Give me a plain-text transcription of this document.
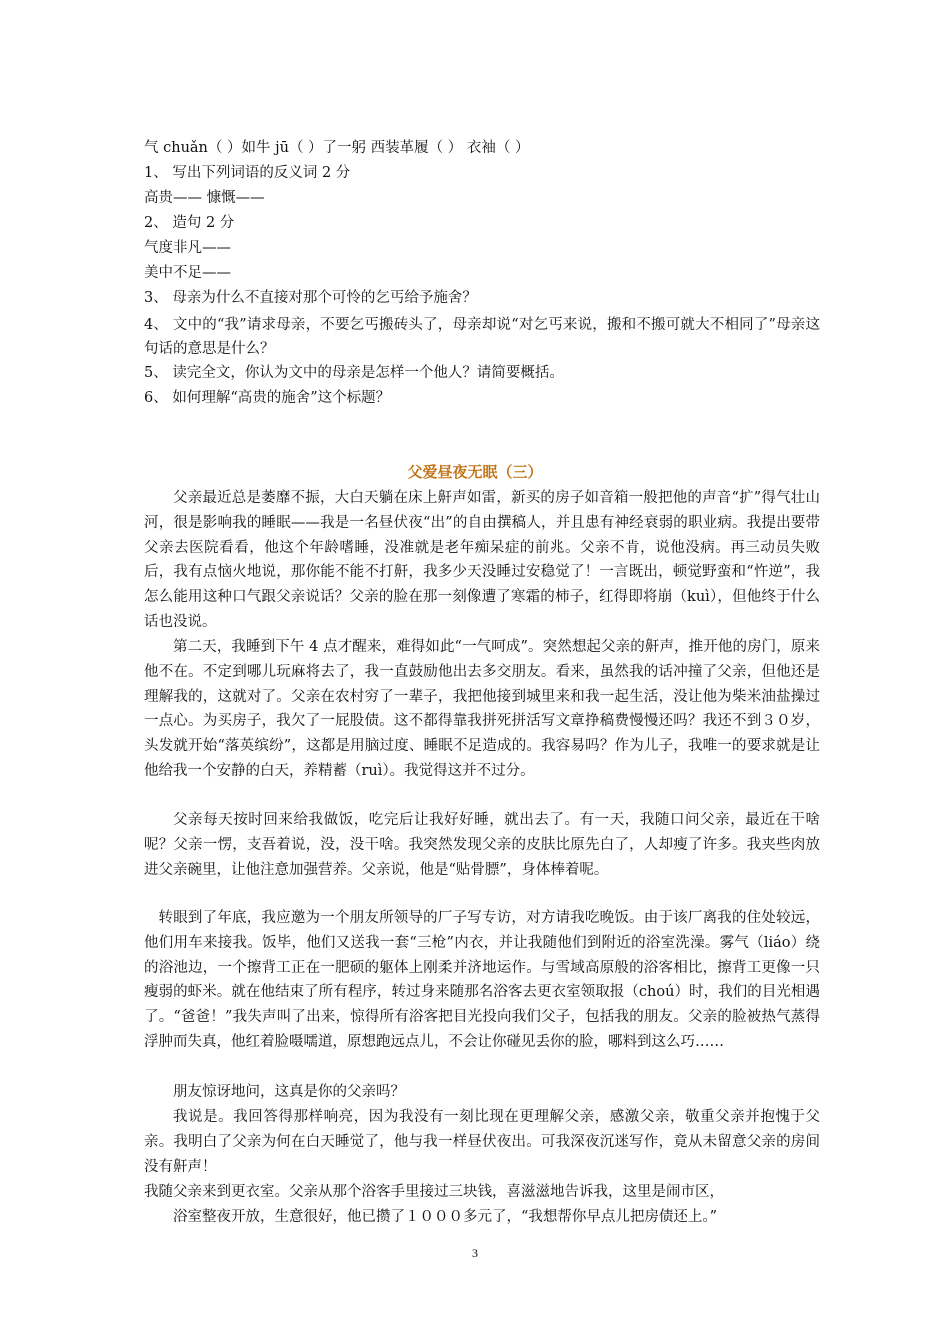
气 chuǎn（ ）如牛 jū（ ）了一躬 西装革履（ ） 衣袖（ ）
1、 写出下列词语的反义词 2 分
高贵—— 慷慨——
2、 造句 2 分
气度非凡——
美中不足——
3、 母亲为什么不直接对那个可怜的乞丐给予施舍？
4、 文中的“我”请求母亲，不要乞丐搬砖头了，母亲却说“对乞丐来说，搬和不搬可就大不相同了”母亲这句话的意思是什么？
5、 读完全文，你认为文中的母亲是怎样一个他人？请简要概括。
6、 如何理解“高贵的施舍”这个标题？
父爱昼夜无眠（三）
父亲最近总是萎靡不振，大白天躺在床上鼾声如雷，新买的房子如音箱一般把他的声音“扩”得气壮山河，很是影响我的睡眠——我是一名昼伏夜“出”的自由撰稿人，并且患有神经衰弱的职业病。我提出要带父亲去医院看看，他这个年龄嗜睡，没准就是老年痴呆症的前兆。父亲不肯，说他没病。再三动员失败后，我有点恼火地说，那你能不能不打鼾，我多少天没睡过安稳觉了！一言既出，顿觉野蛮和“忤逆”，我怎么能用这种口气跟父亲说话？父亲的脸在那一刻像遭了寒霜的柿子，红得即将崩（kuì），但他终于什么话也没说。
第二天，我睡到下午 4 点才醒来，难得如此“一气呵成”。突然想起父亲的鼾声，推开他的房门，原来他不在。不定到哪儿玩麻将去了，我一直鼓励他出去多交朋友。看来，虽然我的话冲撞了父亲，但他还是理解我的，这就对了。父亲在农村穷了一辈子，我把他接到城里来和我一起生活，没让他为柴米油盐操过一点心。为买房子，我欠了一屁股债。这不都得靠我拼死拼活写文章挣稿费慢慢还吗？我还不到３０岁，头发就开始“落英缤纷”，这都是用脑过度、睡眠不足造成的。我容易吗？作为儿子，我唯一的要求就是让他给我一个安静的白天，养精蓄（ruì）。我觉得这并不过分。
父亲每天按时回来给我做饭，吃完后让我好好睡，就出去了。有一天，我随口问父亲，最近在干啥呢？父亲一愣，支吾着说，没，没干啥。我突然发现父亲的皮肤比原先白了，人却瘦了许多。我夹些肉放进父亲碗里，让他注意加强营养。父亲说，他是“贴骨膘”，身体棒着呢。
转眼到了年底，我应邀为一个朋友所领导的厂子写专访，对方请我吃晚饭。由于该厂离我的住处较远，他们用车来接我。饭毕，他们又送我一套“三枪”内衣，并让我随他们到附近的浴室洗澡。雾气（liáo）绕的浴池边，一个擦背工正在一肥硕的躯体上刚柔并济地运作。与雪域高原般的浴客相比，擦背工更像一只瘦弱的虾米。就在他结束了所有程序，转过身来随那名浴客去更衣室领取报（choú）时，我们的目光相遇了。“爸爸！”我失声叫了出来，惊得所有浴客把目光投向我们父子，包括我的朋友。父亲的脸被热气蒸得浮肿而失真，他红着脸嗫嚅道，原想跑远点儿，不会让你碰见丢你的脸，哪料到这么巧……
朋友惊讶地问，这真是你的父亲吗？
我说是。我回答得那样响亮，因为我没有一刻比现在更理解父亲，感激父亲，敬重父亲并抱愧于父亲。我明白了父亲为何在白天睡觉了，他与我一样昼伏夜出。可我深夜沉迷写作，竟从未留意父亲的房间没有鼾声！
我随父亲来到更衣室。父亲从那个浴客手里接过三块钱，喜滋滋地告诉我，这里是闹市区，
浴室整夜开放，生意很好，他已攒了１０００多元了，“我想帮你早点儿把房债还上。”
3
